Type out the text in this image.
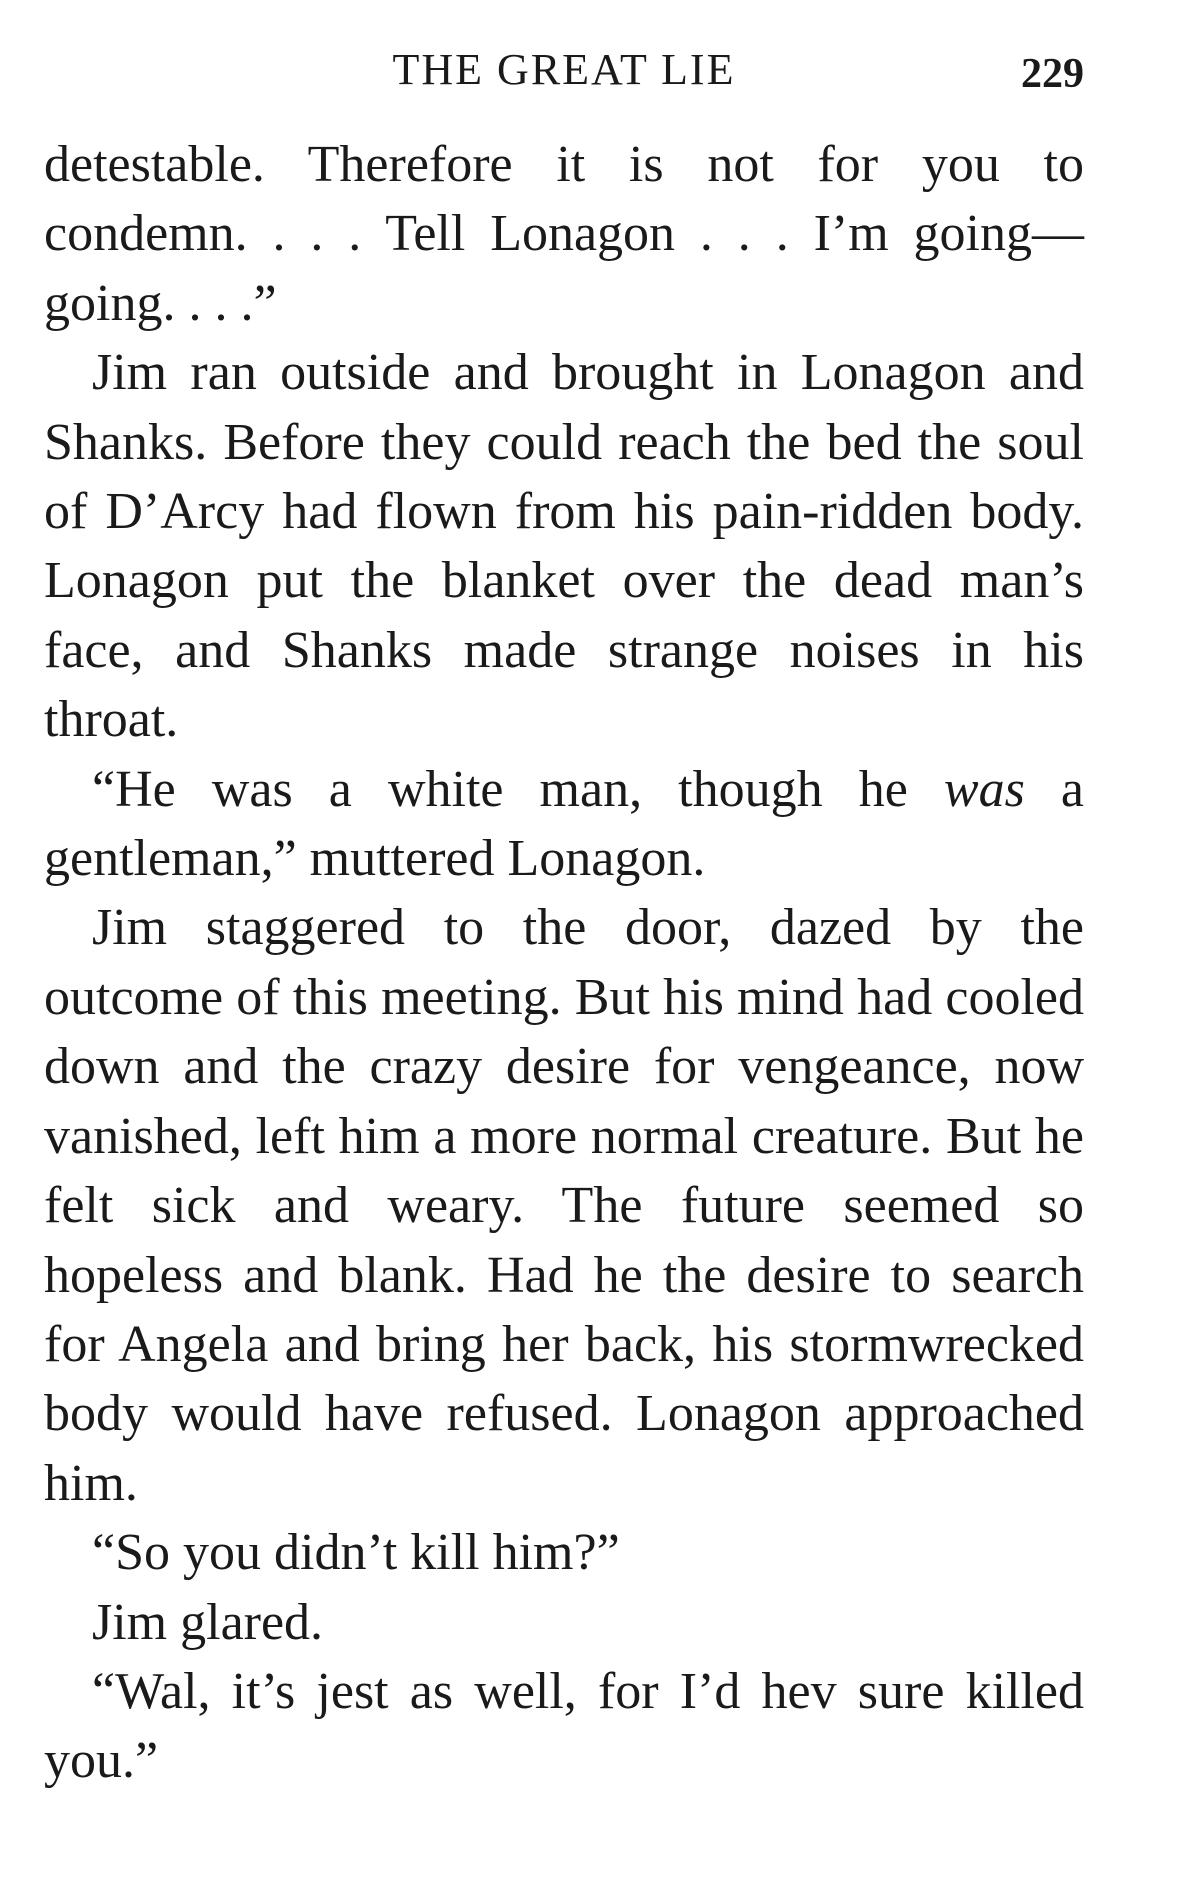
THE GREAT LIE	229

detestable. Therefore it is not for you to condemn. . . . Tell Lonagon . . . I’m going—going. . . .”

Jim ran outside and brought in Lonagon and Shanks. Before they could reach the bed the soul of D’Arcy had flown from his pain-ridden body. Lonagon put the blanket over the dead man’s face, and Shanks made strange noises in his throat.

“He was a white man, though he was a gentleman,” muttered Lonagon.

Jim staggered to the door, dazed by the outcome of this meeting. But his mind had cooled down and the crazy desire for vengeance, now vanished, left him a more normal creature. But he felt sick and weary. The future seemed so hopeless and blank. Had he the desire to search for Angela and bring her back, his stormwrecked body would have refused. Lonagon approached him.

“So you didn’t kill him?”

Jim glared.

“Wal, it’s jest as well, for I’d hev sure killed you.”
